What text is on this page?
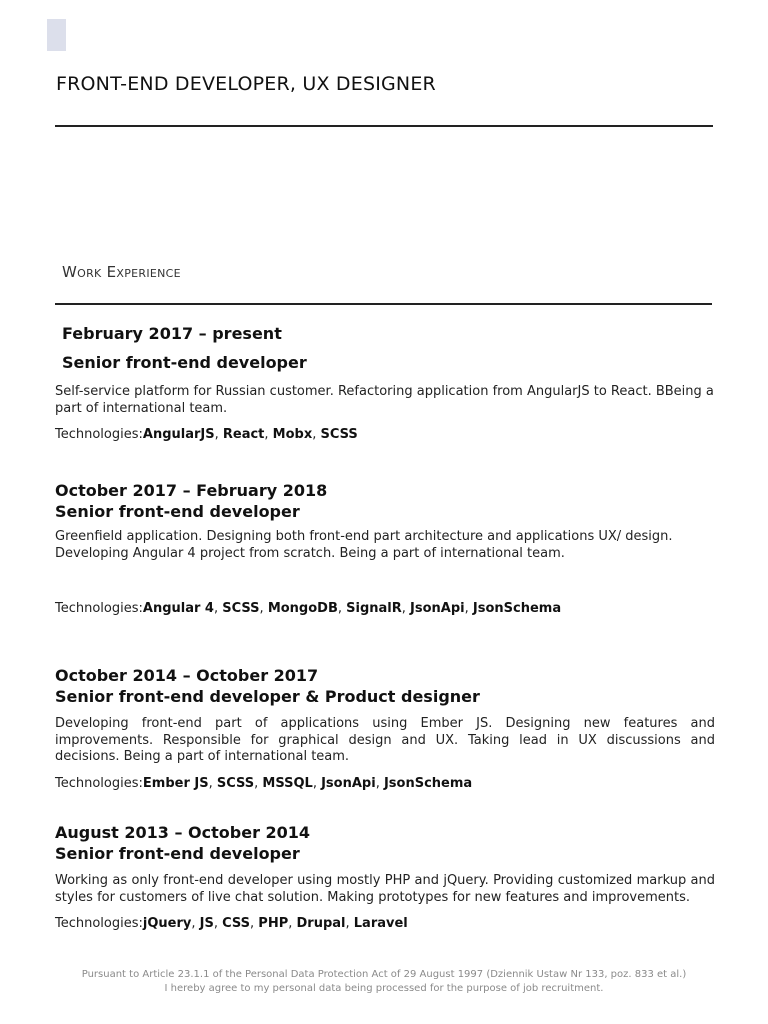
FRONT-END DEVELOPER, UX DESIGNER
Work Experience
February 2017 – present
Senior front-end developer

Self-service platform for Russian customer. Refactoring application from AngularJS to React. BBeing a part of international team.

Technologies:AngularJS, React, Mobx, SCSS
October 2017 – February 2018
Senior front-end developer

Greenfield application. Designing both front-end part architecture and applications UX/ design.

Developing Angular 4 project from scratch. Being a part of international team.

Technologies:Angular 4, SCSS, MongoDB, SignalR, JsonApi, JsonSchema
October 2014 – October 2017
Senior front-end developer & Product designer

Developing front-end part of applications using Ember JS. Designing new features and improvements. Responsible for graphical design and UX. Taking lead in UX discussions and decisions. Being a part of international team.

Technologies:Ember JS, SCSS, MSSQL, JsonApi, JsonSchema
August 2013 – October 2014
Senior front-end developer

Working as only front-end developer using mostly PHP and jQuery. Providing customized markup and styles for customers of live chat solution. Making prototypes for new features and improvements.

Technologies:jQuery, JS, CSS, PHP, Drupal, Laravel
Pursuant to Article 23.1.1 of the Personal Data Protection Act of 29 August 1997 (Dziennik Ustaw Nr 133, poz. 833 et al.)
I hereby agree to my personal data being processed for the purpose of job recruitment.
